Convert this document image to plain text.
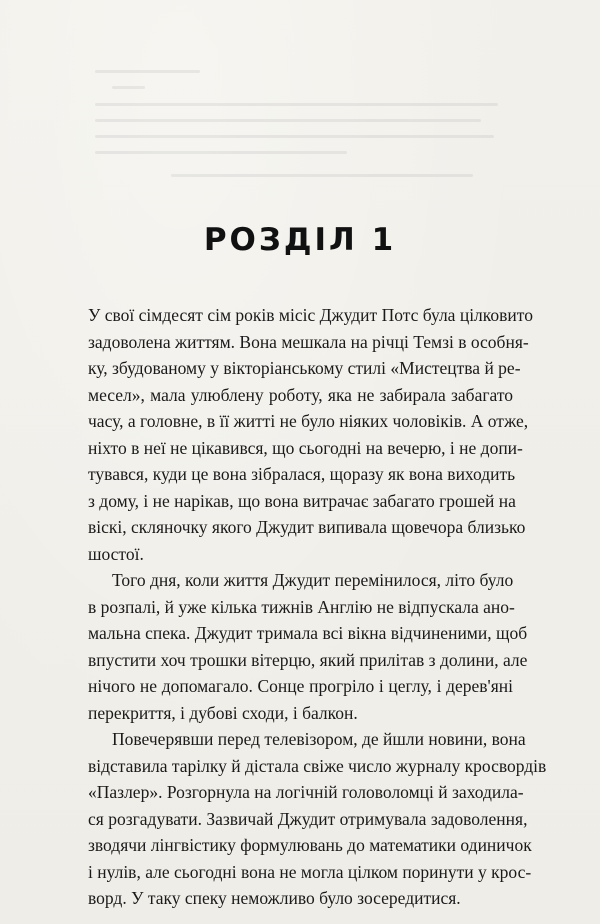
РОЗДІЛ 1

У свої сімдесят сім років місіс Джудит Потс була цілковито
задоволена життям. Вона мешкала на річці Темзі в особня-
ку, збудованому у вікторіанському стилі «Мистецтва й ре-
месел», мала улюблену роботу, яка не забирала забагато
часу, а головне, в її житті не було ніяких чоловіків. А отже,
ніхто в неї не цікавився, що сьогодні на вечерю, і не допи-
тувався, куди це вона зібралася, щоразу як вона виходить
з дому, і не нарікав, що вона витрачає забагато грошей на
віскі, скляночку якого Джудит випивала щовечора близько
шостої.

Того дня, коли життя Джудит перемінилося, літо було
в розпалі, й уже кілька тижнів Англію не відпускала ано-
мальна спека. Джудит тримала всі вікна відчиненими, щоб
впустити хоч трошки вітерцю, який прилітав з долини, але
нічого не допомагало. Сонце прогріло і цеглу, і дерев'яні
перекриття, і дубові сходи, і балкон.

Повечерявши перед телевізором, де йшли новини, вона
відставила тарілку й дістала свіже число журналу кросвордів
«Пазлер». Розгорнула на логічній головоломці й заходила-
ся розгадувати. Зазвичай Джудит отримувала задоволення,
зводячи лінгвістику формулювань до математики одиничок
і нулів, але сьогодні вона не могла цілком поринути у крос-
ворд. У таку спеку неможливо було зосередитися.
